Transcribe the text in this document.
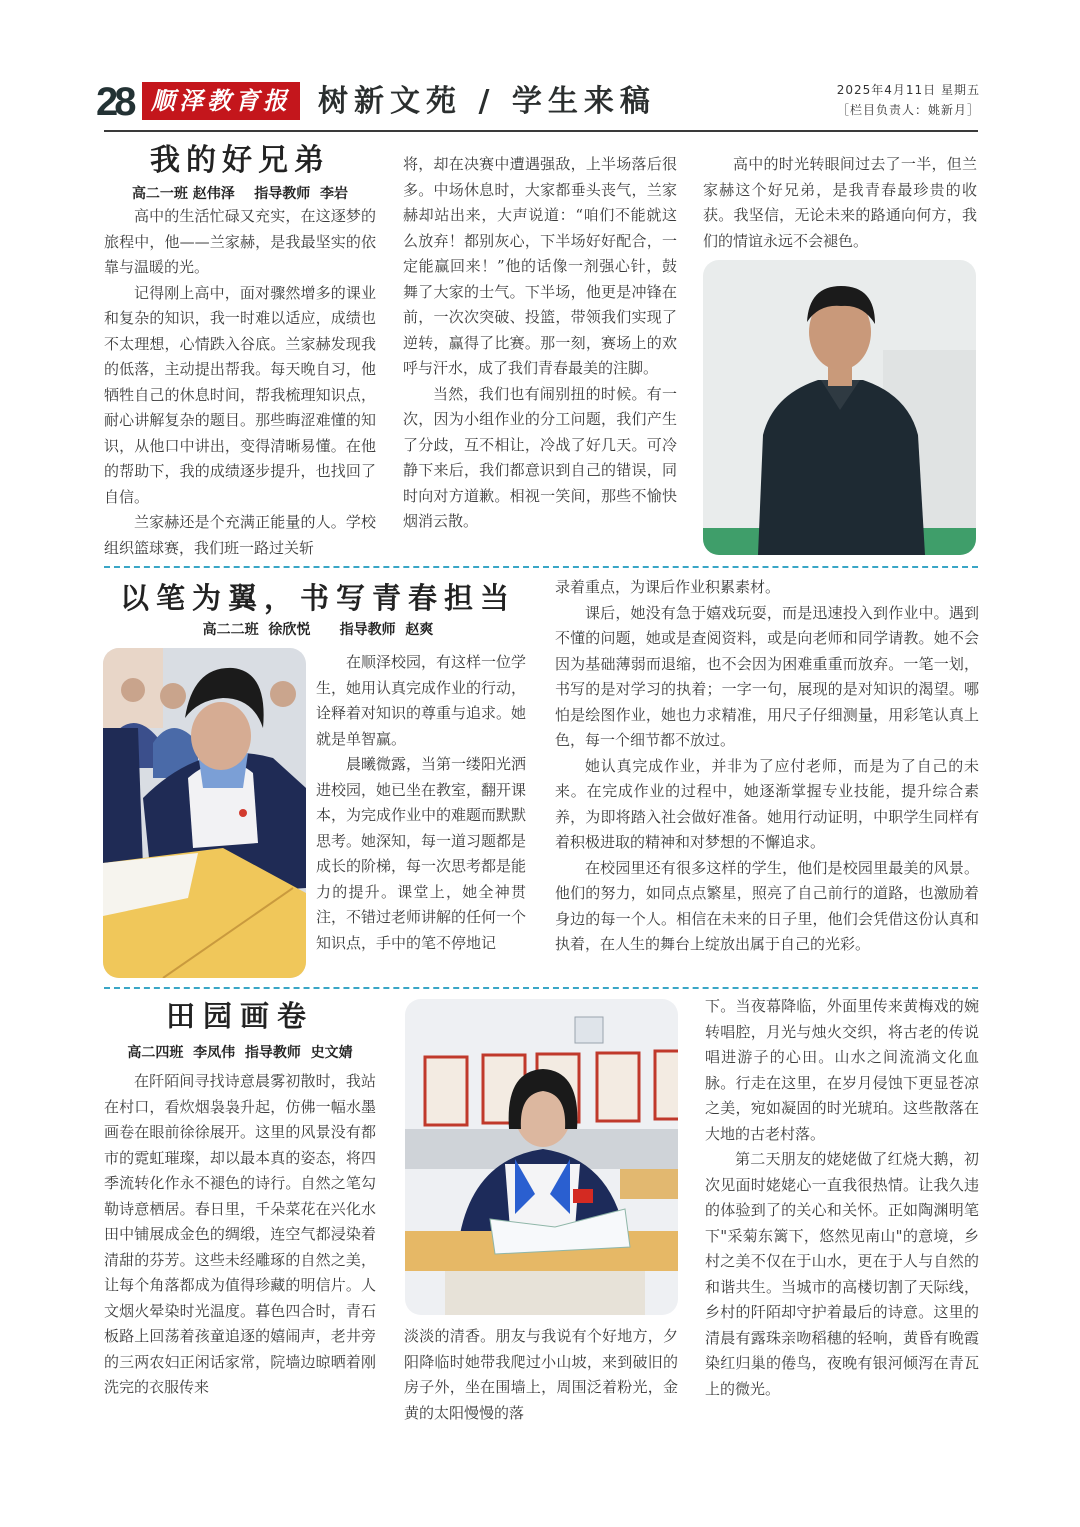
28 顺泽教育报 树新文苑 / 学生来稿	2025年4月11日 星期五
［栏目负责人：姚新月］
我的好兄弟
高二一班 赵伟泽    指导教师  李岩

高中的生活忙碌又充实，在这逐梦的旅程中，他——兰家赫，是我最坚实的依靠与温暖的光。

记得刚上高中，面对骤然增多的课业和复杂的知识，我一时难以适应，成绩也不太理想，心情跌入谷底。兰家赫发现我的低落，主动提出帮我。每天晚自习，他牺牲自己的休息时间，帮我梳理知识点，耐心讲解复杂的题目。那些晦涩难懂的知识，从他口中讲出，变得清晰易懂。在他的帮助下，我的成绩逐步提升，也找回了自信。

兰家赫还是个充满正能量的人。学校组织篮球赛，我们班一路过关斩

将，却在决赛中遭遇强敌，上半场落后很多。中场休息时，大家都垂头丧气，兰家赫却站出来，大声说道：“咱们不能就这么放弃！都别灰心，下半场好好配合，一定能赢回来！”他的话像一剂强心针，鼓舞了大家的士气。下半场，他更是冲锋在前，一次次突破、投篮，带领我们实现了逆转，赢得了比赛。那一刻，赛场上的欢呼与汗水，成了我们青春最美的注脚。

当然，我们也有闹别扭的时候。有一次，因为小组作业的分工问题，我们产生了分歧，互不相让，冷战了好几天。可冷静下来后，我们都意识到自己的错误，同时向对方道歉。相视一笑间，那些不愉快烟消云散。

高中的时光转眼间过去了一半，但兰家赫这个好兄弟，是我青春最珍贵的收获。我坚信，无论未来的路通向何方，我们的情谊永远不会褪色。

以笔为翼，书写青春担当
高二二班  徐欣悦      指导教师  赵爽

在顺泽校园，有这样一位学生，她用认真完成作业的行动，诠释着对知识的尊重与追求。她就是单智赢。

晨曦微露，当第一缕阳光洒进校园，她已坐在教室，翻开课本，为完成作业中的难题而默默思考。她深知，每一道习题都是成长的阶梯，每一次思考都是能力的提升。课堂上，她全神贯注，不错过老师讲解的任何一个知识点，手中的笔不停地记

录着重点，为课后作业积累素材。

课后，她没有急于嬉戏玩耍，而是迅速投入到作业中。遇到不懂的问题，她或是查阅资料，或是向老师和同学请教。她不会因为基础薄弱而退缩，也不会因为困难重重而放弃。一笔一划，书写的是对学习的执着；一字一句，展现的是对知识的渴望。哪怕是绘图作业，她也力求精准，用尺子仔细测量，用彩笔认真上色，每一个细节都不放过。

她认真完成作业，并非为了应付老师，而是为了自己的未来。在完成作业的过程中，她逐渐掌握专业技能，提升综合素养，为即将踏入社会做好准备。她用行动证明，中职学生同样有着积极进取的精神和对梦想的不懈追求。

在校园里还有很多这样的学生，他们是校园里最美的风景。他们的努力，如同点点繁星，照亮了自己前行的道路，也激励着身边的每一个人。相信在未来的日子里，他们会凭借这份认真和执着，在人生的舞台上绽放出属于自己的光彩。

田园画卷
高二四班  李凤伟  指导教师  史文婧

在阡陌间寻找诗意晨雾初散时，我站在村口，看炊烟袅袅升起，仿佛一幅水墨画卷在眼前徐徐展开。这里的风景没有都市的霓虹璀璨，却以最本真的姿态，将四季流转化作永不褪色的诗行。自然之笔勾勒诗意栖居。春日里，千朵菜花在兴化水田中铺展成金色的绸缎，连空气都浸染着清甜的芬芳。这些未经雕琢的自然之美，让每个角落都成为值得珍藏的明信片。人文烟火晕染时光温度。暮色四合时，青石板路上回荡着孩童追逐的嬉闹声，老井旁的三两农妇正闲话家常，院墙边晾晒着刚洗完的衣服传来

淡淡的清香。朋友与我说有个好地方，夕阳降临时她带我爬过小山坡，来到破旧的房子外，坐在围墙上，周围泛着粉光，金黄的太阳慢慢的落

下。当夜幕降临，外面里传来黄梅戏的婉转唱腔，月光与烛火交织，将古老的传说唱进游子的心田。山水之间流淌文化血脉。行走在这里，在岁月侵蚀下更显苍凉之美，宛如凝固的时光琥珀。这些散落在大地的古老村落。

第二天朋友的姥姥做了红烧大鹅，初次见面时姥姥心一直我很热情。让我久违的体验到了的关心和关怀。正如陶渊明笔下"采菊东篱下，悠然见南山"的意境，乡村之美不仅在于山水，更在于人与自然的和谐共生。当城市的高楼切割了天际线，乡村的阡陌却守护着最后的诗意。这里的清晨有露珠亲吻稻穗的轻响，黄昏有晚霞染红归巢的倦鸟，夜晚有银河倾泻在青瓦上的微光。
